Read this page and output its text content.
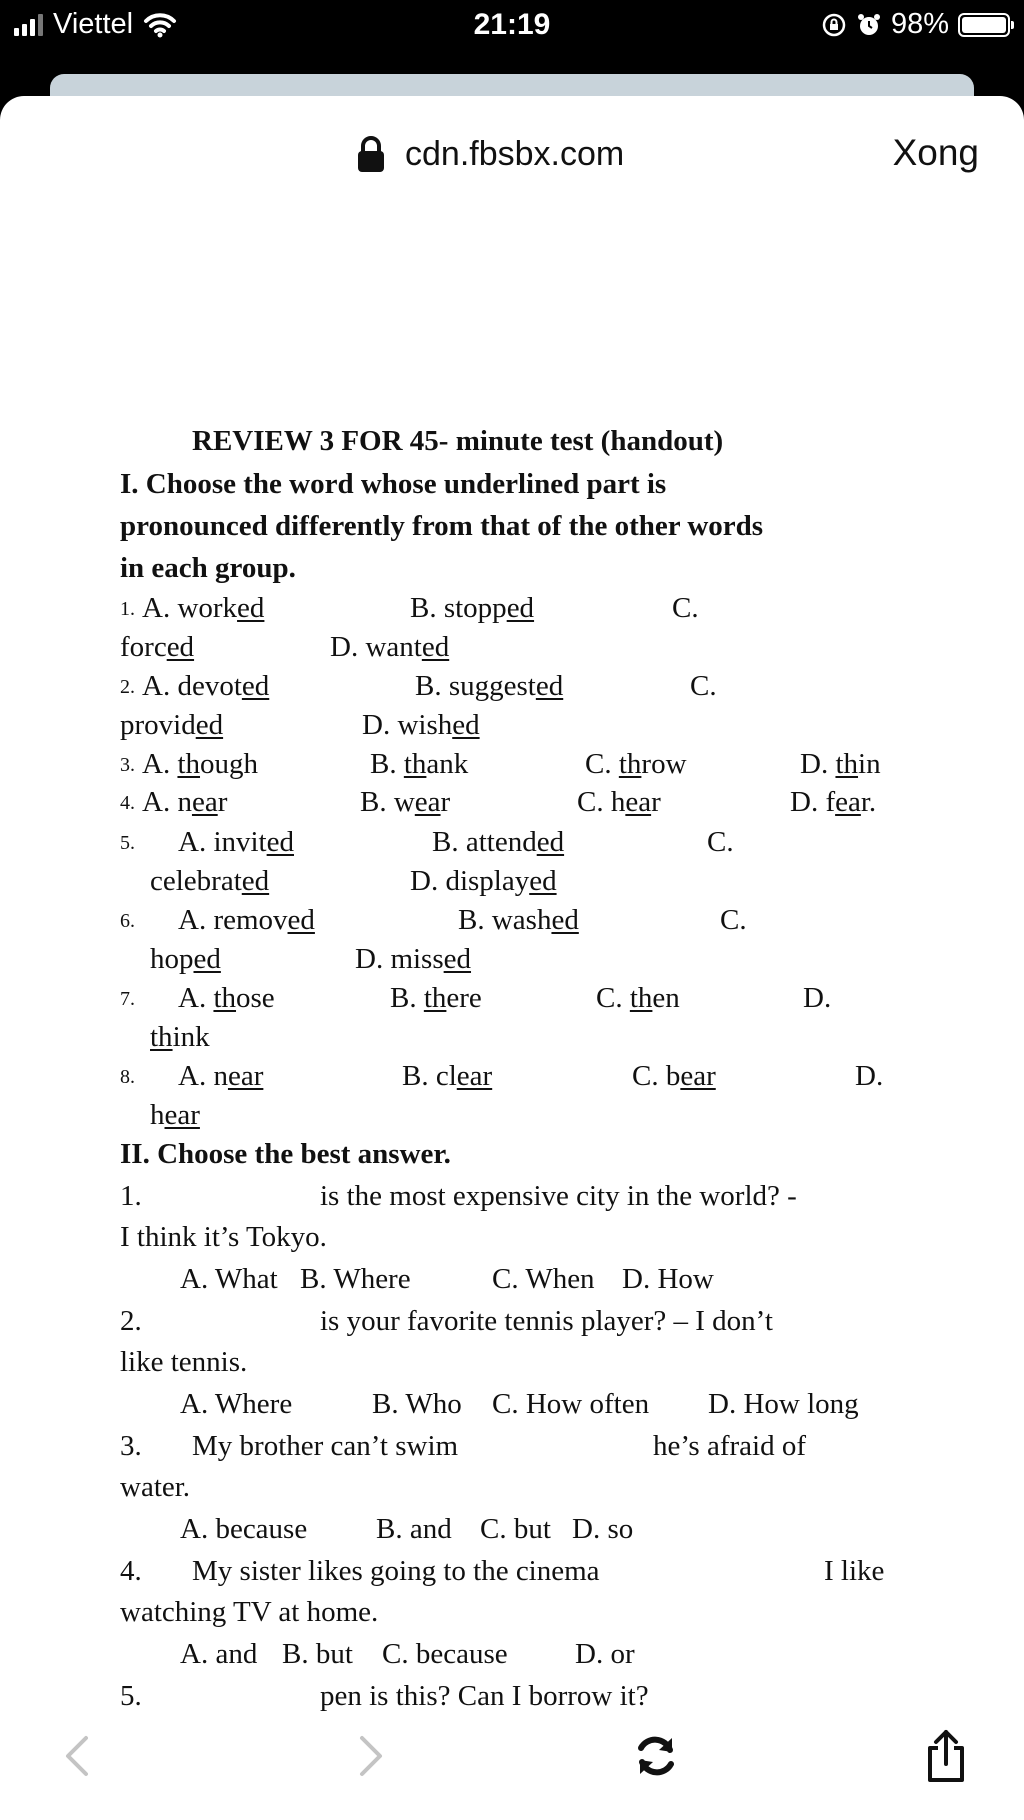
Viettel	21:19	98%
cdn.fbsbx.com	Xong
REVIEW 3 FOR 45- minute test (handout)
I. Choose the word whose underlined part is
pronounced differently from that of the other words
in each group.
1. A. worked	B. stopped	C.
forced	D. wanted
2. A. devoted	B. suggested	C.
provided	D. wished
3. A. though	B. thank	C. throw	D. thin
4. A. near	B. wear	C. hear	D. fear.
5. A. invited	B. attended	C.
celebrated	D. displayed
6. A. removed	B. washed	C.
hoped	D. missed
7. A. those	B. there	C. then	D.
think
8. A. near	B. clear	C. bear	D.
hear
II. Choose the best answer.
1.	is the most expensive city in the world? -
I think it’s Tokyo.
A. What B. Where	C. When D. How
2.	is your favorite tennis player? – I don’t
like tennis.
A. Where	B. Who C. How often D. How long
3. My brother can’t swim	he’s afraid of
water.
A. because B. and C. but D. so
4. My sister likes going to the cinema	I like
watching TV at home.
A. and B. but C. because D. or
5.	pen is this? Can I borrow it?
